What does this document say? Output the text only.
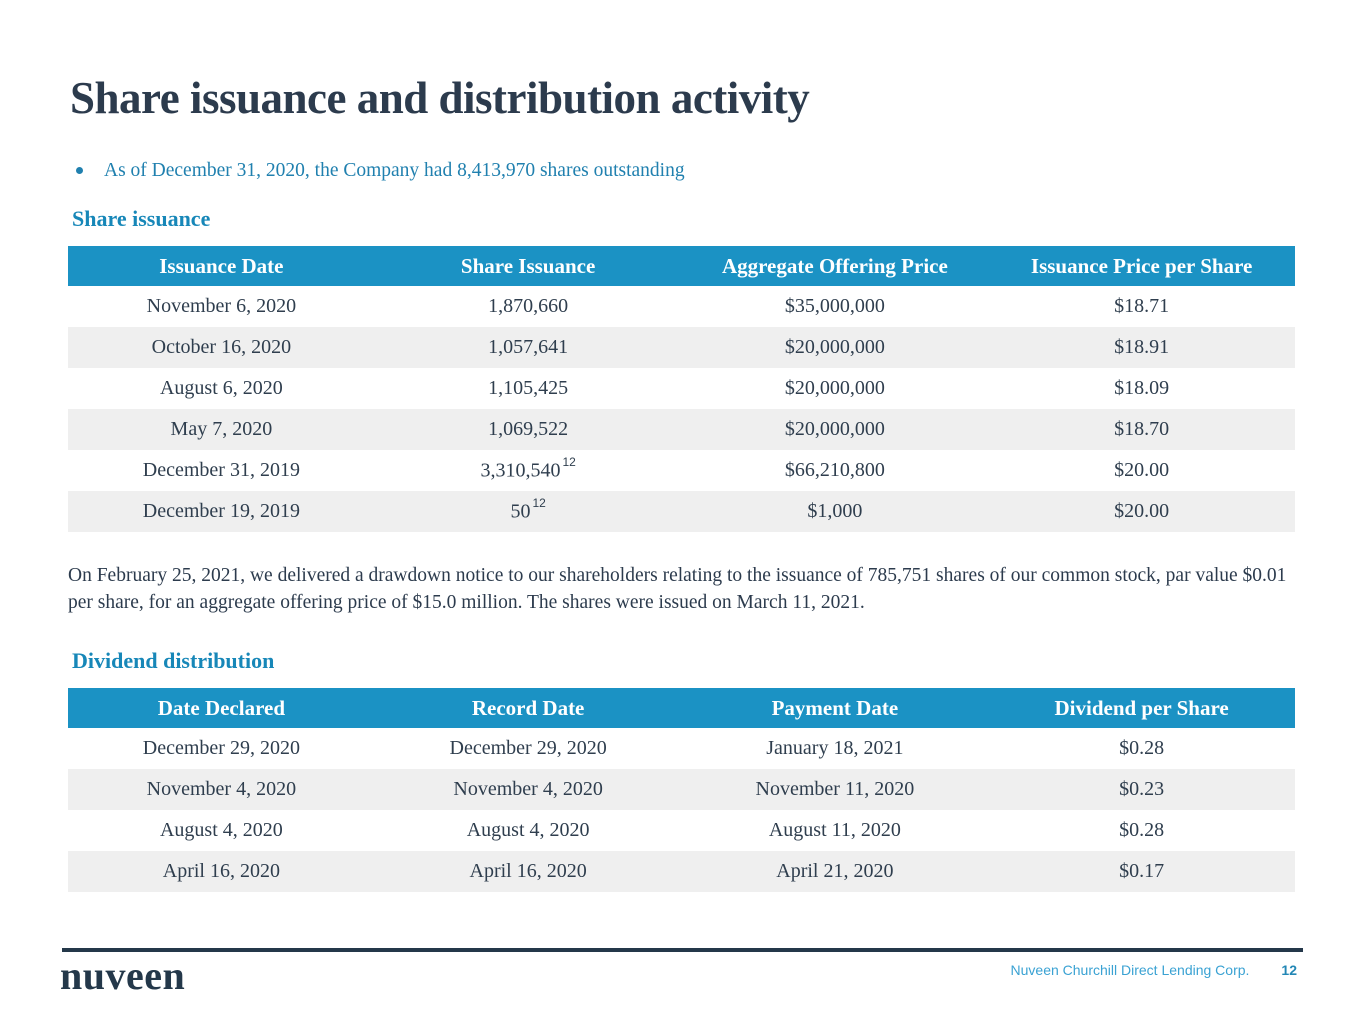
Share issuance and distribution activity
As of December 31, 2020, the Company had 8,413,970 shares outstanding
Share issuance
Issuance Date	Share Issuance	Aggregate Offering Price	Issuance Price per Share
November 6, 2020	1,870,660	$35,000,000	$18.71
October 16, 2020	1,057,641	$20,000,000	$18.91
August 6, 2020	1,105,425	$20,000,000	$18.09
May 7, 2020	1,069,522	$20,000,000	$18.70
December 31, 2019	3,310,540 $^{12}$	$66,210,800	$20.00
December 19, 2019	50 $^{12}$	$1,000	$20.00

On February 25, 2021, we delivered a drawdown notice to our shareholders relating to the issuance of 785,751 shares of our common stock, par value $0.01 per share, for an aggregate offering price of $15.0 million. The shares were issued on March 11, 2021.

Dividend distribution
Date Declared	Record Date	Payment Date	Dividend per Share
December 29, 2020	December 29, 2020	January 18, 2021	$0.28
November 4, 2020	November 4, 2020	November 11, 2020	$0.23
August 4, 2020	August 4, 2020	August 11, 2020	$0.28
April 16, 2020	April 16, 2020	April 21, 2020	$0.17
nuveen	Nuveen Churchill Direct Lending Corp. 12
